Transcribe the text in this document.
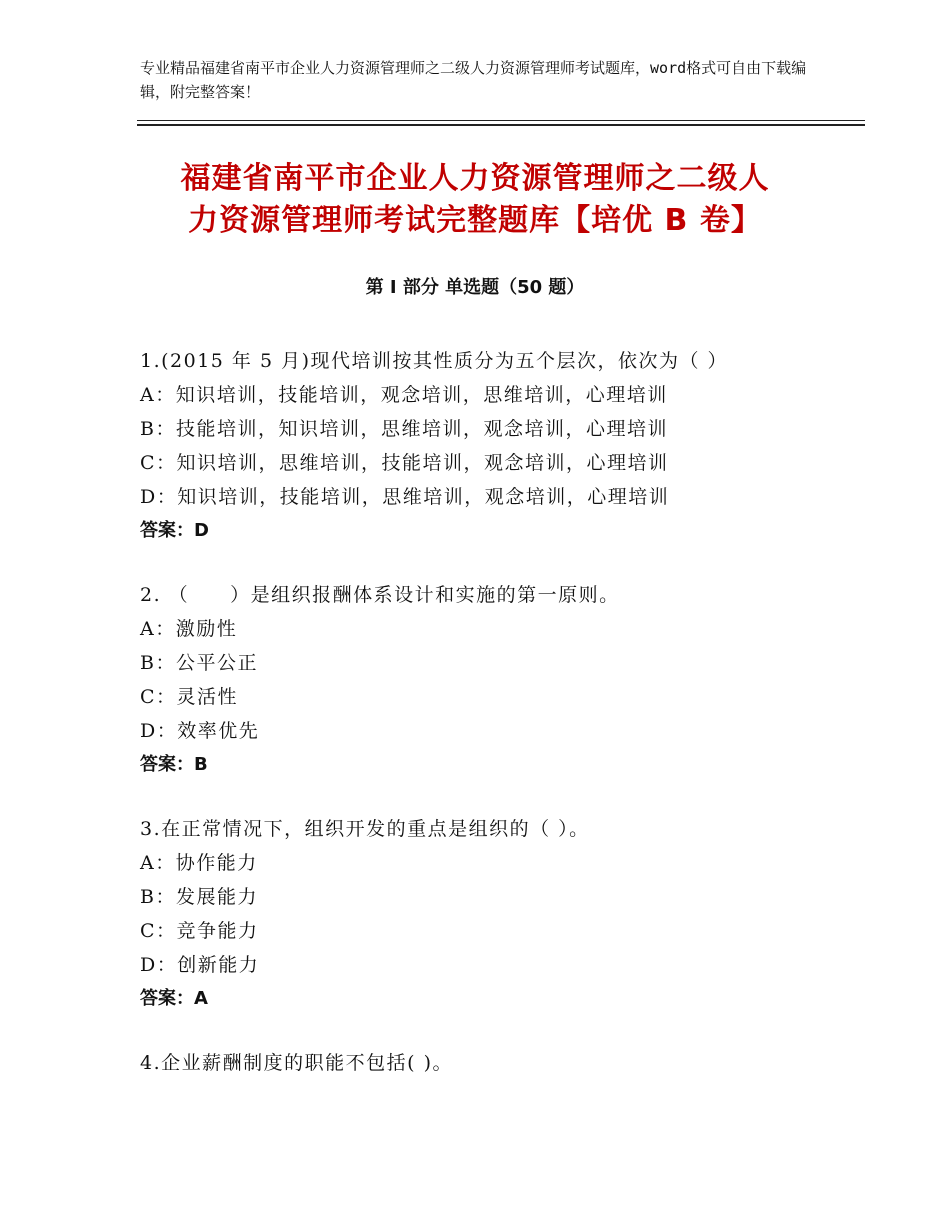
专业精品福建省南平市企业人力资源管理师之二级人力资源管理师考试题库，word格式可自由下载编辑，附完整答案！
福建省南平市企业人力资源管理师之二级人
力资源管理师考试完整题库【培优 B 卷】
第 I 部分 单选题（50 题）
1.(2015 年 5 月)现代培训按其性质分为五个层次，依次为（ ）
A：知识培训，技能培训，观念培训，思维培训，心理培训
B：技能培训，知识培训，思维培训，观念培训，心理培训
C：知识培训，思维培训，技能培训，观念培训，心理培训
D：知识培训，技能培训，思维培训，观念培训，心理培训
答案：D
2. （　　）是组织报酬体系设计和实施的第一原则。
A：激励性
B：公平公正
C：灵活性
D：效率优先
答案：B
3.在正常情况下，组织开发的重点是组织的（ ）。
A：协作能力
B：发展能力
C：竞争能力
D：创新能力
答案：A
4.企业薪酬制度的职能不包括( )。
